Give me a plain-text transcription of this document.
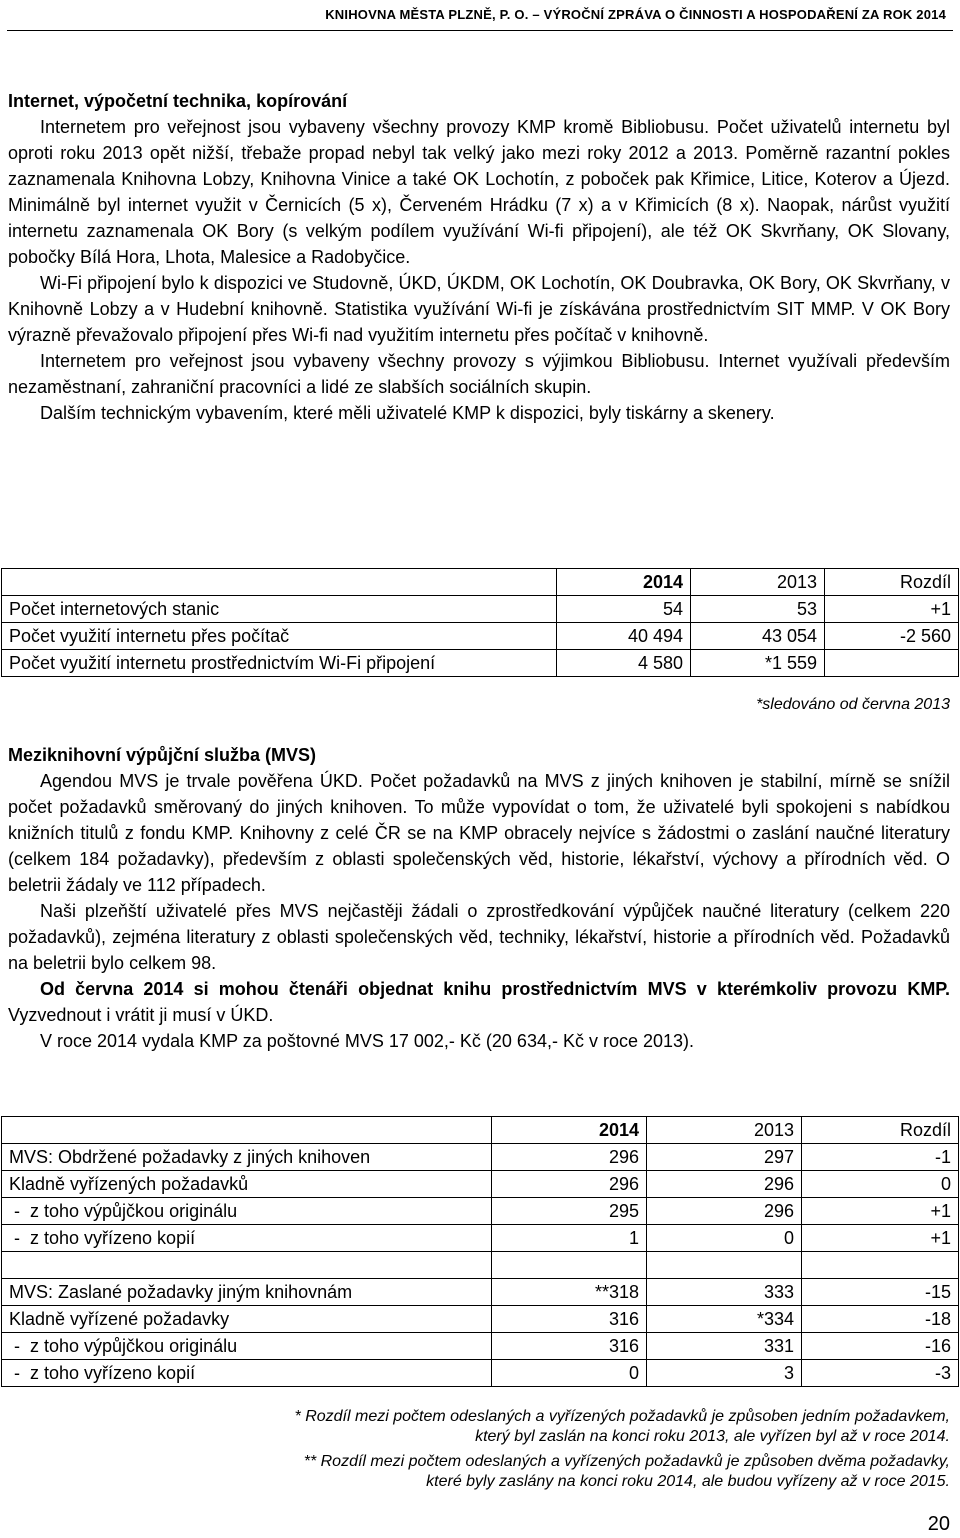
KNIHOVNA MĚSTA PLZNĚ, P. O. – VÝROČNÍ ZPRÁVA O ČINNOSTI A HOSPODAŘENÍ ZA ROK 2014

Internet, výpočetní technika, kopírování

Internetem pro veřejnost jsou vybaveny všechny provozy KMP kromě Bibliobusu. Počet uživatelů internetu byl oproti roku 2013 opět nižší, třebaže propad nebyl tak velký jako mezi roky 2012 a 2013. Poměrně razantní pokles zaznamenala Knihovna Lobzy, Knihovna Vinice a také OK Lochotín, z poboček pak Křimice, Litice, Koterov a Újezd. Minimálně byl internet využit v Černicích (5 x), Červeném Hrádku (7 x) a v Křimicích (8 x). Naopak, nárůst využití internetu zaznamenala OK Bory (s velkým podílem využívání Wi-fi připojení), ale též OK Skvrňany, OK Slovany, pobočky Bílá Hora, Lhota, Malesice a Radobyčice.

Wi-Fi připojení bylo k dispozici ve Studovně, ÚKD, ÚKDM, OK Lochotín, OK Doubravka, OK Bory, OK Skvrňany, v Knihovně Lobzy a v Hudební knihovně. Statistika využívání Wi-fi je získávána prostřednictvím SIT MMP. V OK Bory výrazně převažovalo připojení přes Wi-fi nad využitím internetu přes počítač v knihovně.

Internetem pro veřejnost jsou vybaveny všechny provozy s výjimkou Bibliobusu. Internet využívali především nezaměstnaní, zahraniční pracovníci a lidé ze slabších sociálních skupin.

Dalším technickým vybavením, které měli uživatelé KMP k dispozici, byly tiskárny a skenery.

	2014	2013	Rozdíl
Počet internetových stanic	54	53	+1
Počet využití internetu přes počítač	40 494	43 054	-2 560
Počet využití internetu prostřednictvím Wi-Fi připojení	4 580	*1 559	
*sledováno od června 2013

Meziknihovní výpůjční služba (MVS)

Agendou MVS je trvale pověřena ÚKD. Počet požadavků na MVS z jiných knihoven je stabilní, mírně se snížil počet požadavků směrovaný do jiných knihoven. To může vypovídat o tom, že uživatelé byli spokojeni s nabídkou knižních titulů z fondu KMP. Knihovny z celé ČR se na KMP obracely nejvíce s žádostmi o zaslání naučné literatury (celkem 184 požadavky), především z oblasti společenských věd, historie, lékařství, výchovy a přírodních věd. O beletrii žádaly ve 112 případech.

Naši plzeňští uživatelé přes MVS nejčastěji žádali o zprostředkování výpůjček naučné literatury (celkem 220 požadavků), zejména literatury z oblasti společenských věd, techniky, lékařství, historie a přírodních věd. Požadavků na beletrii bylo celkem 98.

Od června 2014 si mohou čtenáři objednat knihu prostřednictvím MVS v kterémkoliv provozu KMP. Vyzvednout i vrátit ji musí v ÚKD.

V roce 2014 vydala KMP za poštovné MVS 17 002,- Kč (20 634,- Kč v roce 2013).

	2014	2013	Rozdíl
MVS: Obdržené požadavky z jiných knihoven	296	297	-1
Kladně vyřízených požadavků	296	296	0
-  z toho výpůjčkou originálu	295	296	+1
-  z toho vyřízeno kopií	1	0	+1

MVS: Zaslané požadavky jiným knihovnám	**318	333	-15
Kladně vyřízené požadavky	316	*334	-18
-  z toho výpůjčkou originálu	316	331	-16
-  z toho vyřízeno kopií	0	3	-3
* Rozdíl mezi počtem odeslaných a vyřízených požadavků je způsoben jedním požadavkem,
který byl zaslán na konci roku 2013, ale vyřízen byl až v roce 2014.
** Rozdíl mezi počtem odeslaných a vyřízených požadavků je způsoben dvěma požadavky,
které byly zaslány na konci roku 2014, ale budou vyřízeny až v roce 2015.
20
